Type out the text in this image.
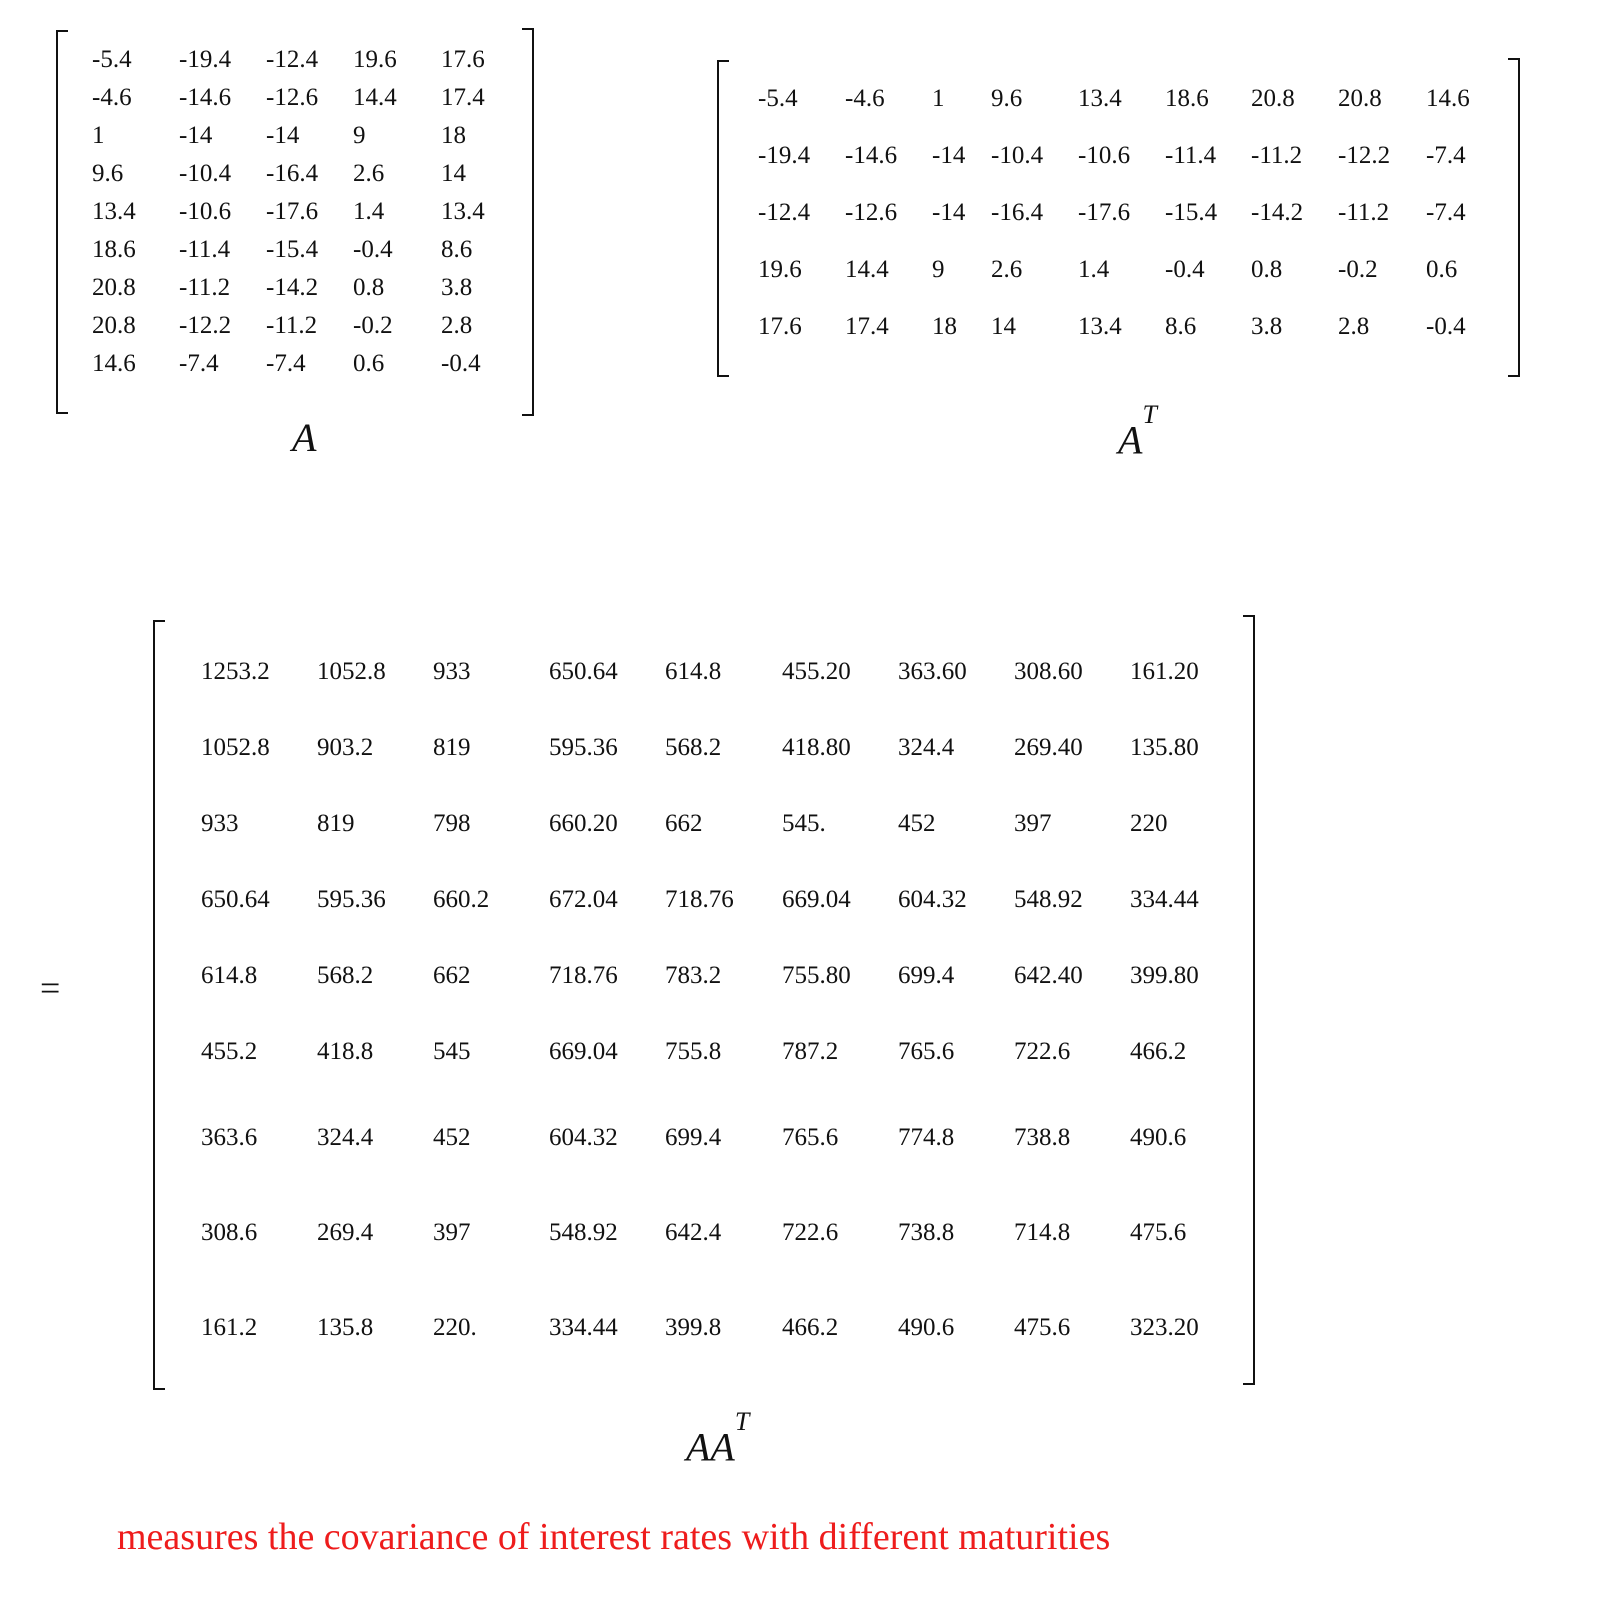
-5.4 -19.4 -12.4 19.6 17.6
-4.6 -14.6 -12.6 14.4 17.4
1	-14 -14 9	18
9.6 -10.4 -16.4 2.6 14
13.4 -10.6 -17.6 1.4 13.4
18.6 -11.4 -15.4 -0.4 8.6
20.8 -11.2 -14.2 0.8 3.8
20.8 -12.2 -11.2 -0.2 2.8
14.6 -7.4 -7.4 0.6 -0.4
A
-5.4 -4.6 1 9.6 13.4 18.6 20.8 20.8 14.6
-19.4 -14.6 -14 -10.4 -10.6 -11.4 -11.2 -12.2 -7.4
-12.4 -12.6 -14 -16.4 -17.6 -15.4 -14.2 -11.2 -7.4
19.6 14.4 9 2.6 1.4 -0.4 0.8 -0.2 0.6
17.6 17.4 18 14 13.4 8.6 3.8 2.8 -0.4
$A^T$
=
1253.2 1052.8 933	650.64 614.8 455.20 363.60 308.60 161.20
1052.8 903.2 819	595.36 568.2 418.80 324.4 269.40 135.80
933	819	798	660.20 662	545.	452	397	220
650.64 595.36 660.2 672.04 718.76 669.04 604.32 548.92 334.44
614.8 568.2 662	718.76 783.2 755.80 699.4 642.40 399.80
455.2 418.8 545	669.04 755.8 787.2 765.6 722.6 466.2
363.6 324.4 452	604.32 699.4 765.6 774.8 738.8 490.6
308.6 269.4 397	548.92 642.4 722.6 738.8 714.8 475.6
161.2 135.8 220.	334.44 399.8 466.2 490.6 475.6 323.20
$AA^T$
measures the covariance of interest rates with different maturities
